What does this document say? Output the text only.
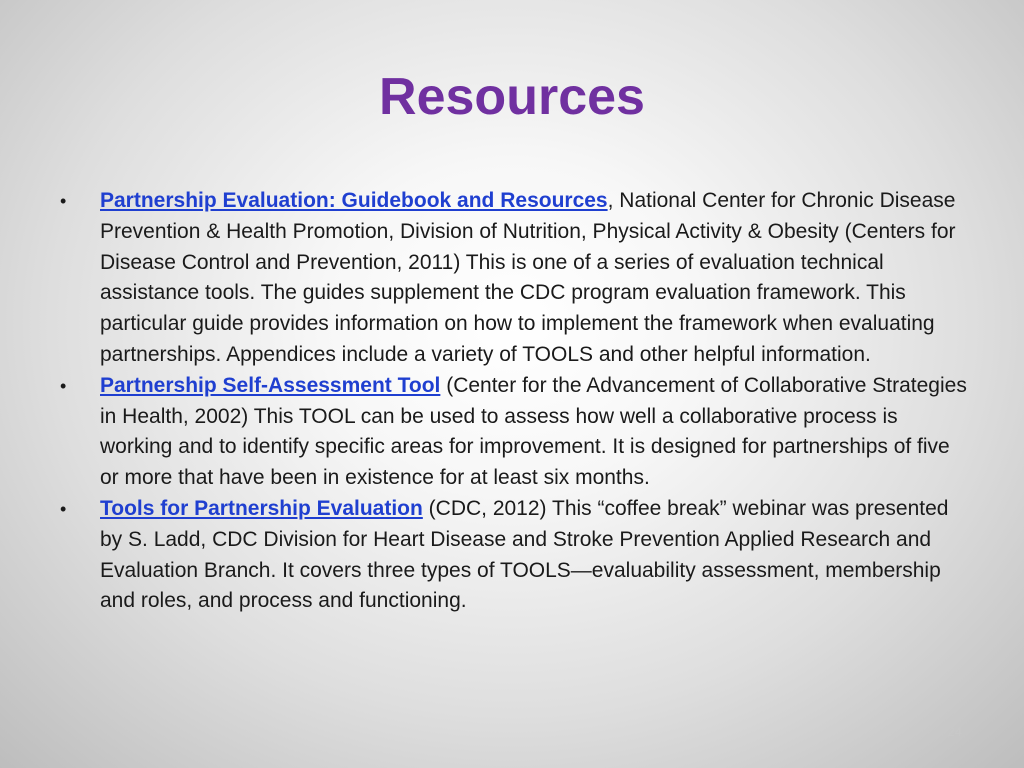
Resources
• Partnership Evaluation: Guidebook and Resources, National Center for Chronic Disease Prevention & Health Promotion, Division of Nutrition, Physical Activity & Obesity (Centers for Disease Control and Prevention, 2011) This is one of a series of evaluation technical assistance tools. The guides supplement the CDC program evaluation framework. This particular guide provides information on how to implement the framework when evaluating partnerships. Appendices include a variety of TOOLS and other helpful information.
• Partnership Self-Assessment Tool (Center for the Advancement of Collaborative Strategies in Health, 2002) This TOOL can be used to assess how well a collaborative process is working and to identify specific areas for improvement. It is designed for partnerships of five or more that have been in existence for at least six months.
• Tools for Partnership Evaluation (CDC, 2012) This “coffee break” webinar was presented by S. Ladd, CDC Division for Heart Disease and Stroke Prevention Applied Research and Evaluation Branch. It covers three types of TOOLS—evaluability assessment, membership and roles, and process and functioning.
24
